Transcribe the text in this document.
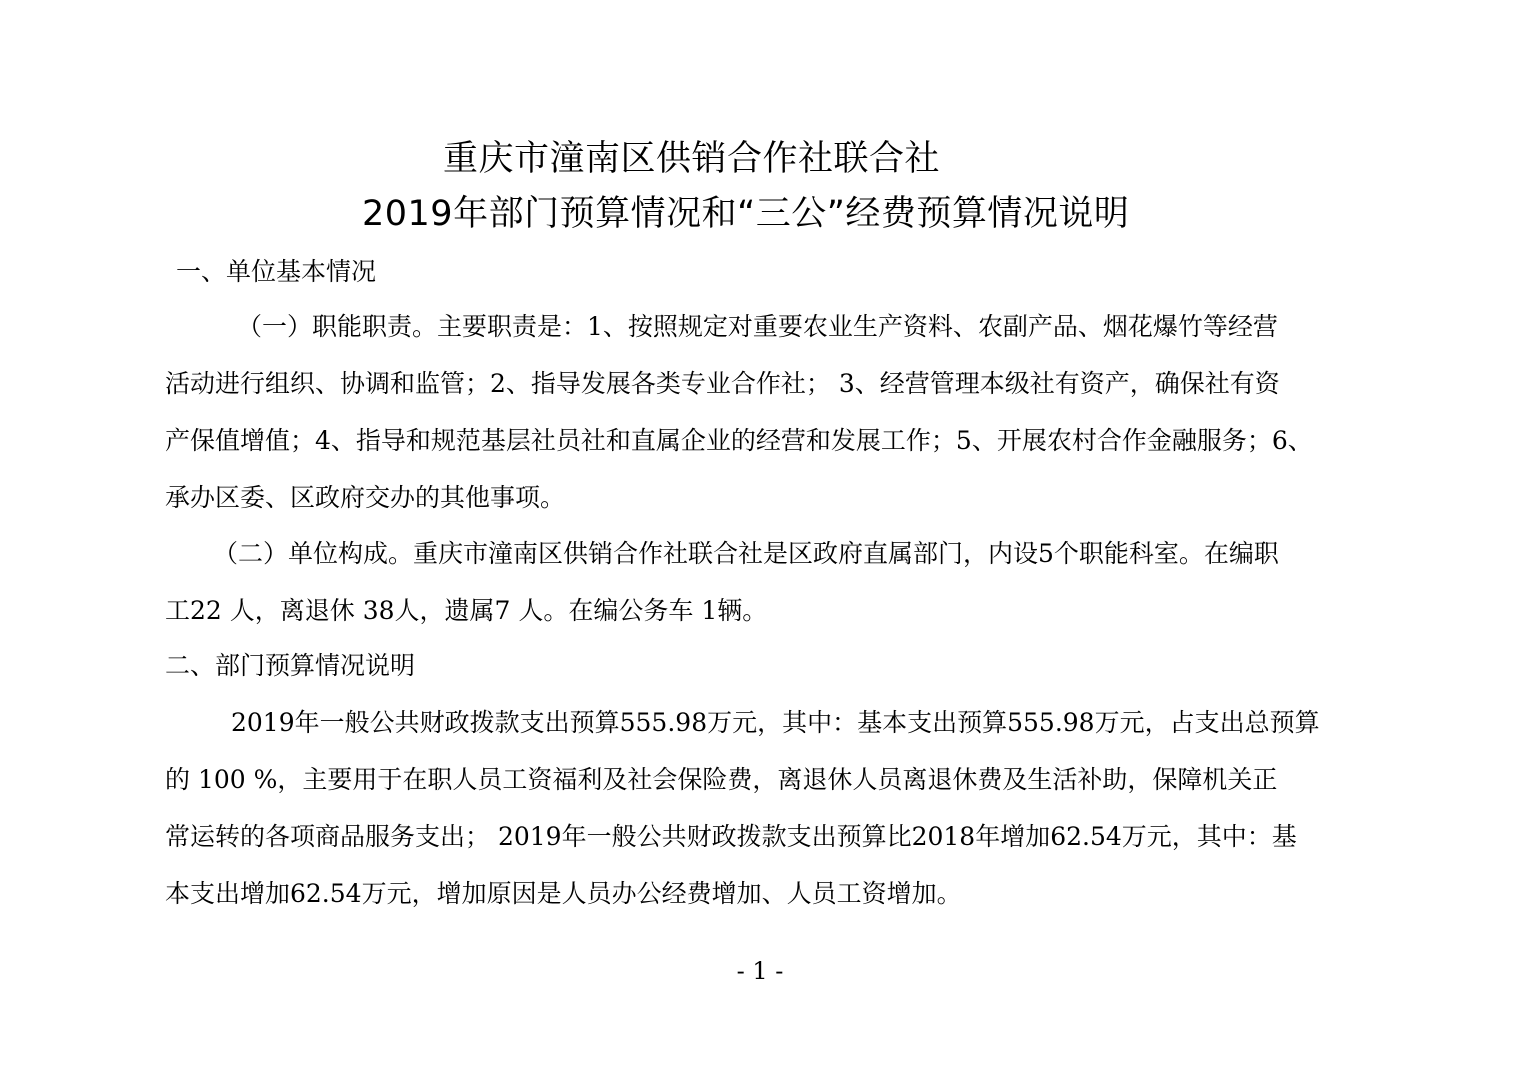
重庆市潼南区供销合作社联合社
2019年部门预算情况和“三公”经费预算情况说明
一、单位基本情况
（一）职能职责。主要职责是：1、按照规定对重要农业生产资料、农副产品、烟花爆竹等经营
活动进行组织、协调和监管；2、指导发展各类专业合作社； 3、经营管理本级社有资产，确保社有资
产保值增值；4、指导和规范基层社员社和直属企业的经营和发展工作；5、开展农村合作金融服务；6、
承办区委、区政府交办的其他事项。
（二）单位构成。重庆市潼南区供销合作社联合社是区政府直属部门，内设5个职能科室。在编职
工22 人，离退休 38人，遗属7 人。在编公务车 1辆。
二、部门预算情况说明
2019年一般公共财政拨款支出预算555.98万元，其中：基本支出预算555.98万元，占支出总预算
的 100 %，主要用于在职人员工资福利及社会保险费，离退休人员离退休费及生活补助，保障机关正
常运转的各项商品服务支出； 2019年一般公共财政拨款支出预算比2018年增加62.54万元，其中：基
本支出增加62.54万元，增加原因是人员办公经费增加、人员工资增加。
- 1 -
